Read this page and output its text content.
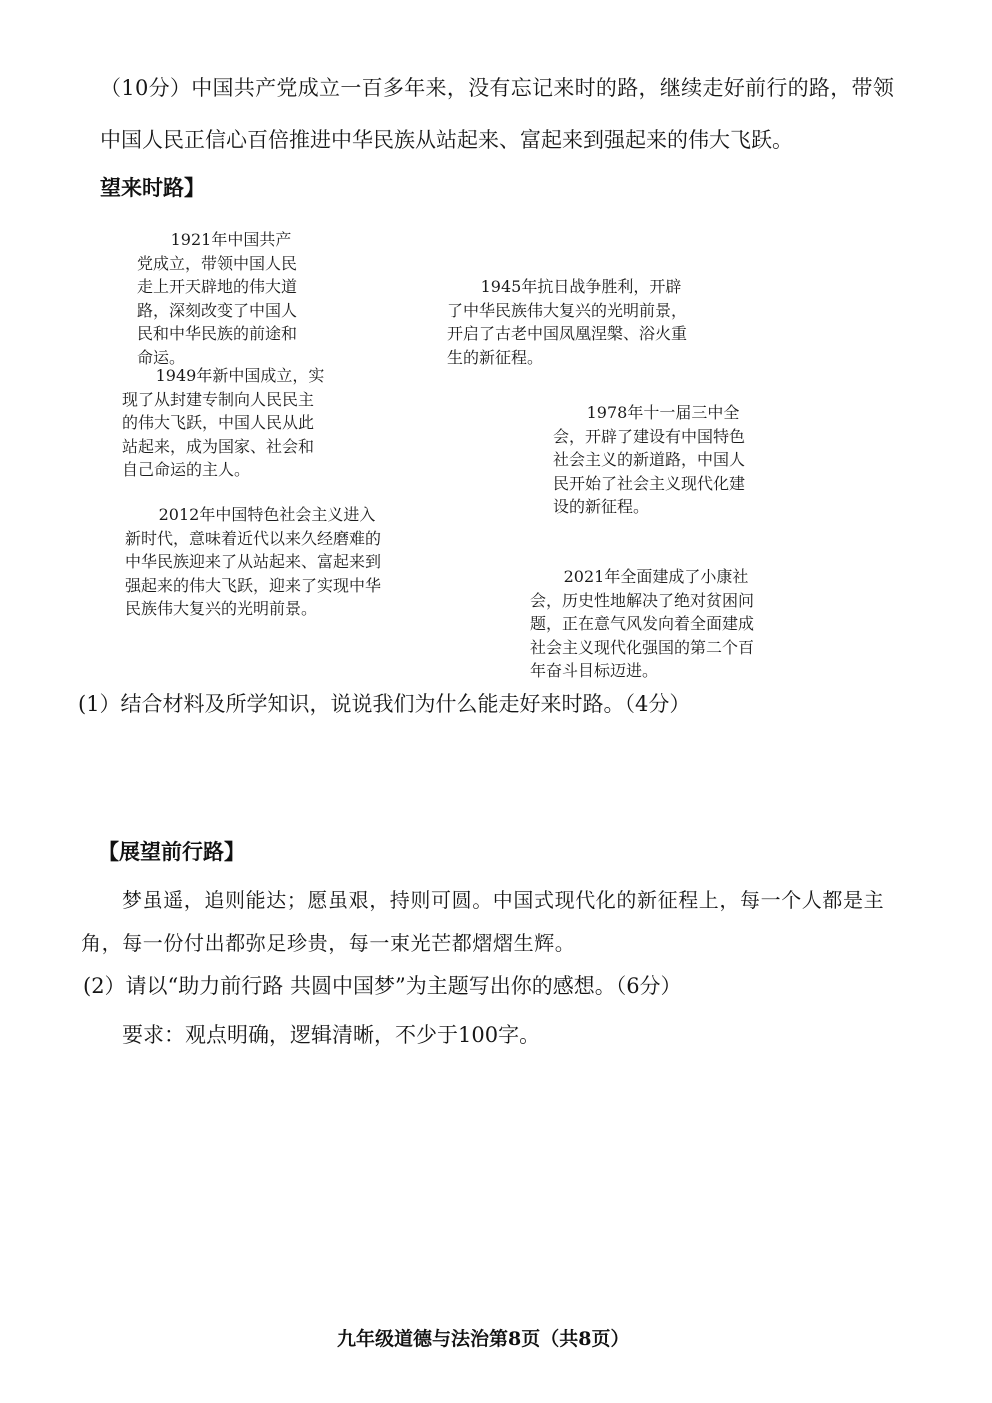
（10分）中国共产党成立一百多年来，没有忘记来时的路，继续走好前行的路，带领
中国人民正信心百倍推进中华民族从站起来、富起来到强起来的伟大飞跃。
望来时路】
1921年中国共产党成立，带领中国人民走上开天辟地的伟大道路，深刻改变了中国人民和中华民族的前途和命运。
1945年抗日战争胜利，开辟了中华民族伟大复兴的光明前景，开启了古老中国凤凰涅槃、浴火重生的新征程。
1949年新中国成立，实现了从封建专制向人民民主的伟大飞跃，中国人民从此站起来，成为国家、社会和自己命运的主人。
1978年十一届三中全会，开辟了建设有中国特色社会主义的新道路，中国人民开始了社会主义现代化建设的新征程。
2012年中国特色社会主义进入新时代，意味着近代以来久经磨难的中华民族迎来了从站起来、富起来到强起来的伟大飞跃，迎来了实现中华民族伟大复兴的光明前景。
2021年全面建成了小康社会，历史性地解决了绝对贫困问题，正在意气风发向着全面建成社会主义现代化强国的第二个百年奋斗目标迈进。
(1）结合材料及所学知识，说说我们为什么能走好来时路。（4分）
【展望前行路】
梦虽遥，追则能达；愿虽艰，持则可圆。中国式现代化的新征程上，每一个人都是主
角，每一份付出都弥足珍贵，每一束光芒都熠熠生辉。
(2）请以“助力前行路 共圆中国梦”为主题写出你的感想。（6分）
要求：观点明确，逻辑清晰，不少于100字。
九年级道德与法治第8页（共8页）
